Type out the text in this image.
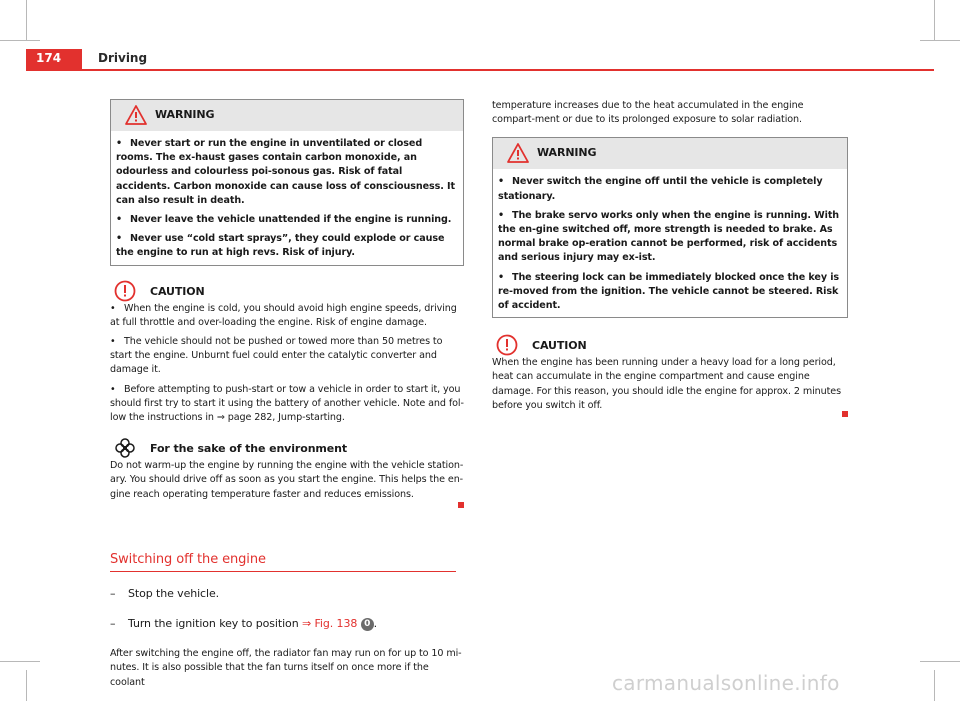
174	Driving
WARNING

• Never start or run the engine in unventilated or closed rooms. The ex-haust gases contain carbon monoxide, an odourless and colourless poi-sonous gas. Risk of fatal accidents. Carbon monoxide can cause loss of consciousness. It can also result in death.

• Never leave the vehicle unattended if the engine is running.

• Never use “cold start sprays”, they could explode or cause the engine to run at high revs. Risk of injury.

CAUTION

• When the engine is cold, you should avoid high engine speeds, driving at full throttle and over-loading the engine. Risk of engine damage.

• The vehicle should not be pushed or towed more than 50 metres to start the engine. Unburnt fuel could enter the catalytic converter and damage it.

• Before attempting to push-start or tow a vehicle in order to start it, you should first try to start it using the battery of another vehicle. Note and fol-low the instructions in ⇒ page 282, Jump-starting.

For the sake of the environment

Do not warm-up the engine by running the engine with the vehicle station-ary. You should drive off as soon as you start the engine. This helps the en-gine reach operating temperature faster and reduces emissions.

Switching off the engine
– Stop the vehicle.
– Turn the ignition key to position ⇒ Fig. 138 0 .

After switching the engine off, the radiator fan may run on for up to 10 mi-nutes. It is also possible that the fan turns itself on once more if the coolant

temperature increases due to the heat accumulated in the engine compart-ment or due to its prolonged exposure to solar radiation.

WARNING

• Never switch the engine off until the vehicle is completely stationary.

• The brake servo works only when the engine is running. With the en-gine switched off, more strength is needed to brake. As normal brake op-eration cannot be performed, risk of accidents and serious injury may ex-ist.

• The steering lock can be immediately blocked once the key is re-moved from the ignition. The vehicle cannot be steered. Risk of accident.

CAUTION

When the engine has been running under a heavy load for a long period, heat can accumulate in the engine compartment and cause engine damage. For this reason, you should idle the engine for approx. 2 minutes before you switch it off.

carmanualsonline.info
